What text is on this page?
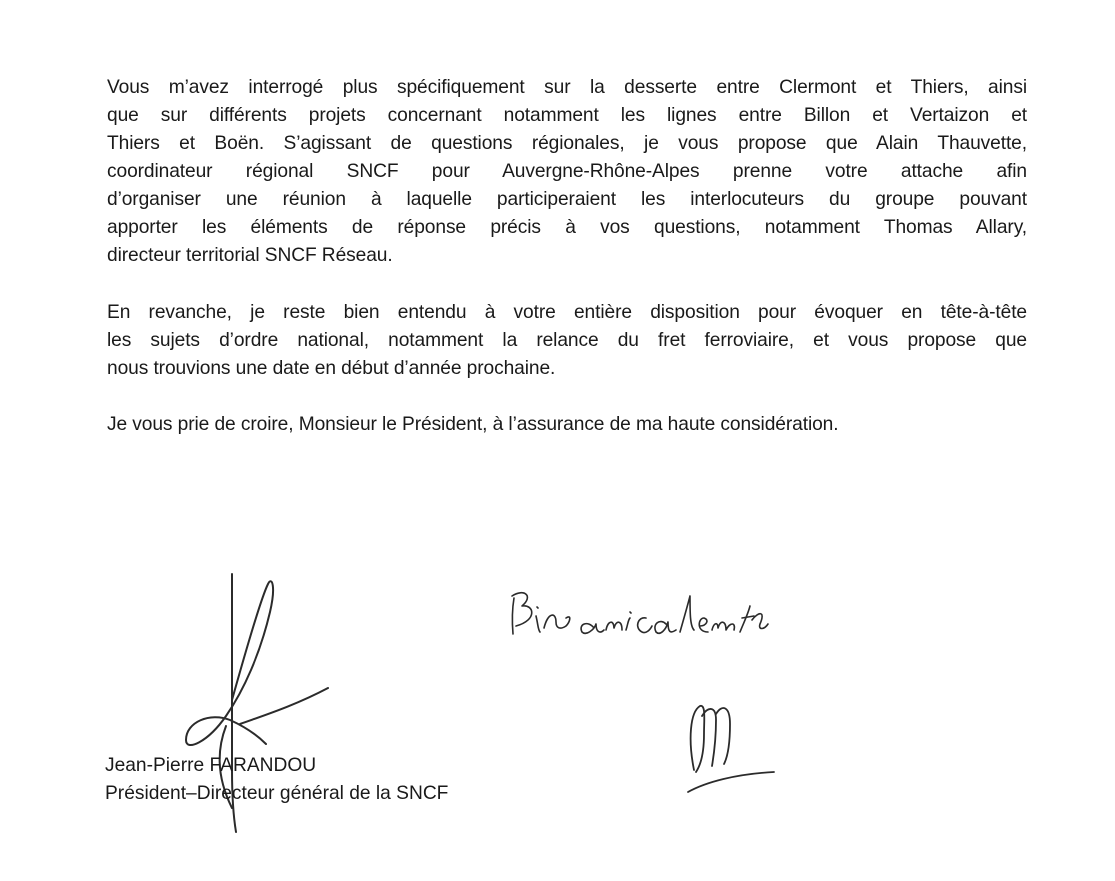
Vous m’avez interrogé plus spécifiquement sur la desserte entre Clermont et Thiers, ainsi
que sur différents projets concernant notamment les lignes entre Billon et Vertaizon et
Thiers et Boën. S’agissant de questions régionales, je vous propose que Alain Thauvette,
coordinateur régional SNCF pour Auvergne-Rhône-Alpes prenne votre attache afin
d’organiser une réunion à laquelle participeraient les interlocuteurs du groupe pouvant
apporter les éléments de réponse précis à vos questions, notamment Thomas Allary,
directeur territorial SNCF Réseau.
En revanche, je reste bien entendu à votre entière disposition pour évoquer en tête-à-tête
les sujets d’ordre national, notamment la relance du fret ferroviaire, et vous propose que
nous trouvions une date en début d’année prochaine.
Je vous prie de croire, Monsieur le Président, à l’assurance de ma haute considération.
Jean-Pierre FARANDOU
Président–Directeur général de la SNCF
